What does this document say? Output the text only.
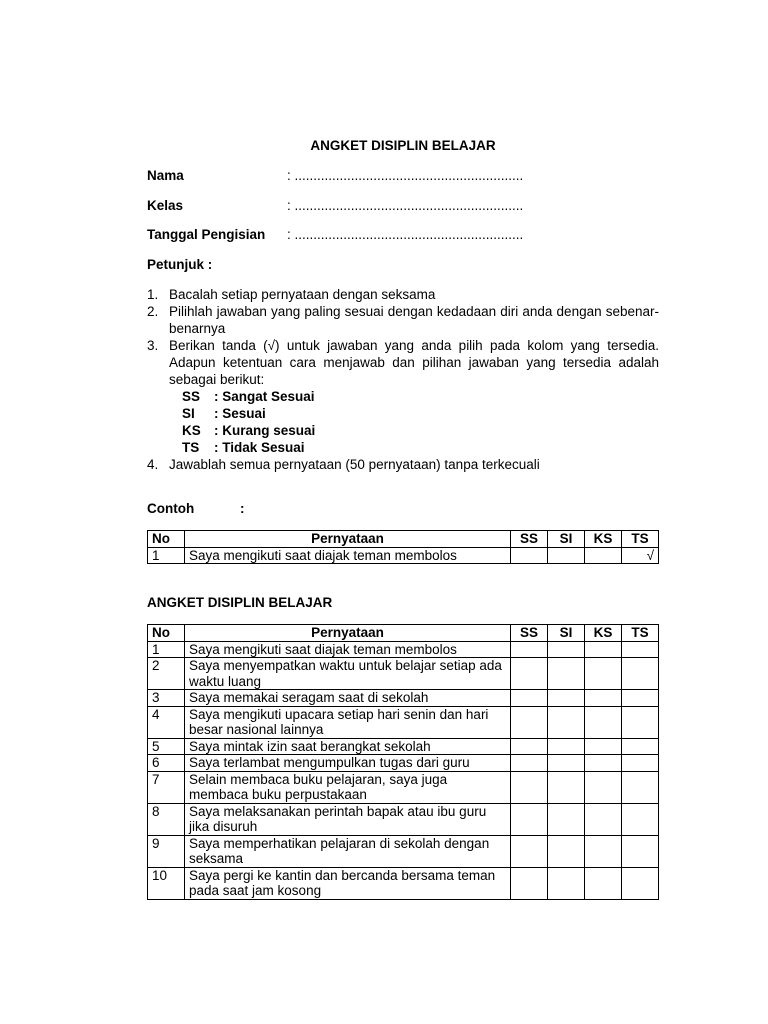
ANGKET DISIPLIN BELAJAR
Nama	: .............................................................
Kelas	: .............................................................
Tanggal Pengisian : .............................................................
Petunjuk :
1. Bacalah setiap pernyataan dengan seksama
2. Pilihlah jawaban yang paling sesuai dengan kedadaan diri anda dengan sebenar-benarnya
3. Berikan tanda (√) untuk jawaban yang anda pilih pada kolom yang tersedia. Adapun ketentuan cara menjawab dan pilihan jawaban yang tersedia adalah sebagai berikut:
SS : Sangat Sesuai
SI : Sesuai
KS : Kurang sesuai
TS : Tidak Sesuai
4. Jawablah semua pernyataan (50 pernyataan) tanpa terkecuali
Contoh	:
No	Pernyataan	SS	SI	KS	TS
1	Saya mengikuti saat diajak teman membolos				√
ANGKET DISIPLIN BELAJAR
No	Pernyataan	SS	SI	KS	TS
1	Saya mengikuti saat diajak teman membolos				
2	Saya menyempatkan waktu untuk belajar setiap ada waktu luang				
3	Saya memakai seragam saat di sekolah				
4	Saya mengikuti upacara setiap hari senin dan hari besar nasional lainnya				
5	Saya mintak izin saat berangkat sekolah				
6	Saya terlambat mengumpulkan tugas dari guru				
7	Selain membaca buku pelajaran, saya juga membaca buku perpustakaan				
8	Saya melaksanakan perintah bapak atau ibu guru jika disuruh				
9	Saya memperhatikan pelajaran di sekolah dengan seksama				
10	Saya pergi ke kantin dan bercanda bersama teman pada saat jam kosong				
